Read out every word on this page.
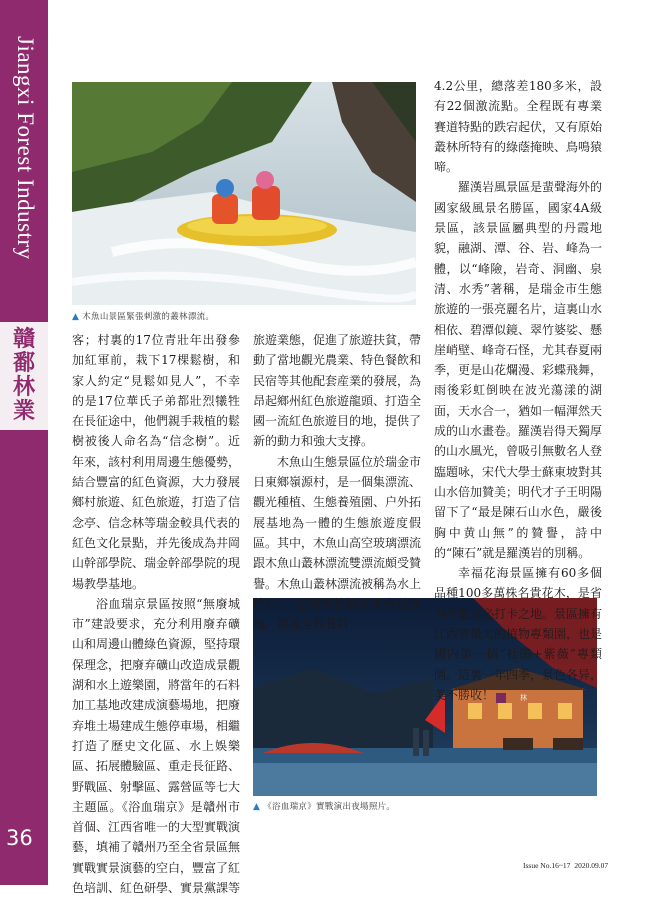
Jiangxi Forest Industry
贛
鄱
林
業
36
▲ 木魚山景區緊張刺激的叢林漂流。
▲ 《浴血瑞京》實戰演出夜場照片。

客；村裏的17位青壯年出發參加紅軍前，栽下17棵鬆樹，和家人約定“見鬆如見人”，不幸的是17位華氏子弟都壯烈犧牲在長征途中，他們親手栽植的鬆樹被後人命名為“信念樹”。近年來，該村利用周邊生態優勢，結合豐富的紅色資源，大力發展鄉村旅遊、紅色旅遊，打造了信念亭、信念林等瑞金較具代表的紅色文化景點，并先後成為井岡山幹部學院、瑞金幹部學院的現場教學基地。

浴血瑞京景區按照“無廢城市”建設要求，充分利用廢弃礦山和周邊山體綠色資源，堅持環保理念，把廢弃礦山改造成景觀湖和水上遊樂園，將當年的石料加工基地改建成演藝場地，把廢弃堆土場建成生態停車場，相繼打造了歷史文化區、水上娛樂區、拓展體驗區、重走長征路、野戰區、射擊區、露營區等七大主題區。《浴血瑞京》是贛州市首個、江西省唯一的大型實戰演藝，填補了贛州乃至全省景區無實戰實景演藝的空白，豐富了紅色培訓、紅色研學、實景黨課等

旅遊業態，促進了旅遊扶貧，帶動了當地觀光農業、特色餐飲和民宿等其他配套産業的發展，為昂起鄉州紅色旅遊龍頭、打造全國一流紅色旅遊目的地，提供了新的動力和強大支撐。

木魚山生態景區位於瑞金市日東鄉嶺源村，是一個集漂流、觀光種植、生態養殖園、户外拓展基地為一體的生態旅遊度假區。其中，木魚山高空玻璃漂流跟木魚山叢林漂流雙漂流頗受贊譽。木魚山叢林漂流被稱為水上的F1，是國内首個專業賽道漂流。漂流全程長約

4.2公里，總落差180多米，設有22個激流點。全程既有專業賽道特點的跌宕起伏，又有原始叢林所特有的綠蔭掩映、鳥鳴猿啼。

羅漢岩風景區是蜚聲海外的國家級風景名勝區，國家4A級景區，該景區屬典型的丹霞地貌，融湖、潭、谷、岩、峰為一體，以“峰險，岩奇、洞幽、泉清、水秀”著稱，是瑞金市生態旅遊的一張亮麗名片，這裏山水相依、碧潭似鏡、翠竹婆娑、懸崖峭壁、峰奇石怪，尤其春夏兩季，更是山花爛漫、彩蝶飛舞，雨後彩虹倒映在波光蕩漾的湖面，天水合一，猶如一幅渾然天成的山水畫卷。羅漢岩得天獨厚的山水風光，曾吸引無數名人登臨題咏，宋代大學士蘇東坡對其山水倍加贊美；明代才子王明陽留下了“最是陳石山水色，嚴後胸中黄山無”的贊譽，詩中的“陳石”就是羅漢岩的別稱。

幸福花海景區擁有60多個品種100多萬株名貴花木，是省内外遊客必打卡之地。景區擁有江西省最大的植物專類園，也是國内第一個“杜鵑+紫薇”專類園。這裏一年四季，景色各异，美不勝收！	林

Issue No.16~17 2020.09.07
